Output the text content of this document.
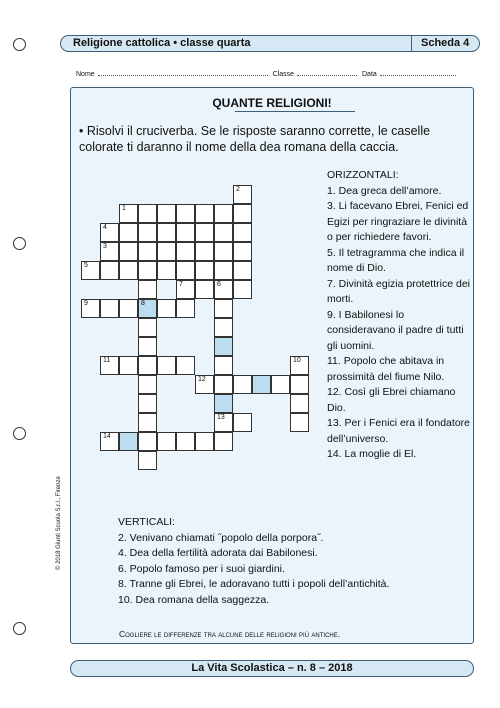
Religione cattolica • classe quarta	Scheda 4
Nome	Classe	Data
QUANTE RELIGIONI!
• Risolvi il cruciverba. Se le risposte saranno corrette, le caselle colorate ti daranno il nome della dea romana della caccia.
2
1
4
3
5
7	6
9	8
11	10
12
13
14

ORIZZONTALI:

1. Dea greca dell’amore.

3. Li facevano Ebrei, Fenici ed Egizi per ringraziare le divinità o per richiedere favori.

5. Il tetragramma che indica il nome di Dio.

7. Divinità egizia protettrice dei morti.

9. I Babilonesi lo consideravano il padre di tutti gli uomini.

11. Popolo che abitava in prossimità del fiume Nilo.

12. Così gli Ebrei chiamano Dio.

13. Per i Fenici era il fondatore dell’universo.

14. La moglie di El.

VERTICALI:

2. Venivano chiamati ˝popolo della porpora˝.

4. Dea della fertilità adorata dai Babilonesi.

6. Popolo famoso per i suoi giardini.

8. Tranne gli Ebrei, le adoravano tutti i popoli dell’antichità.

10. Dea romana della saggezza.

Cogliere le differenze tra alcune delle religioni più antiche.
© 2018 Giunti Scuola S.r.l., Firenze
La Vita Scolastica – n. 8 – 2018
